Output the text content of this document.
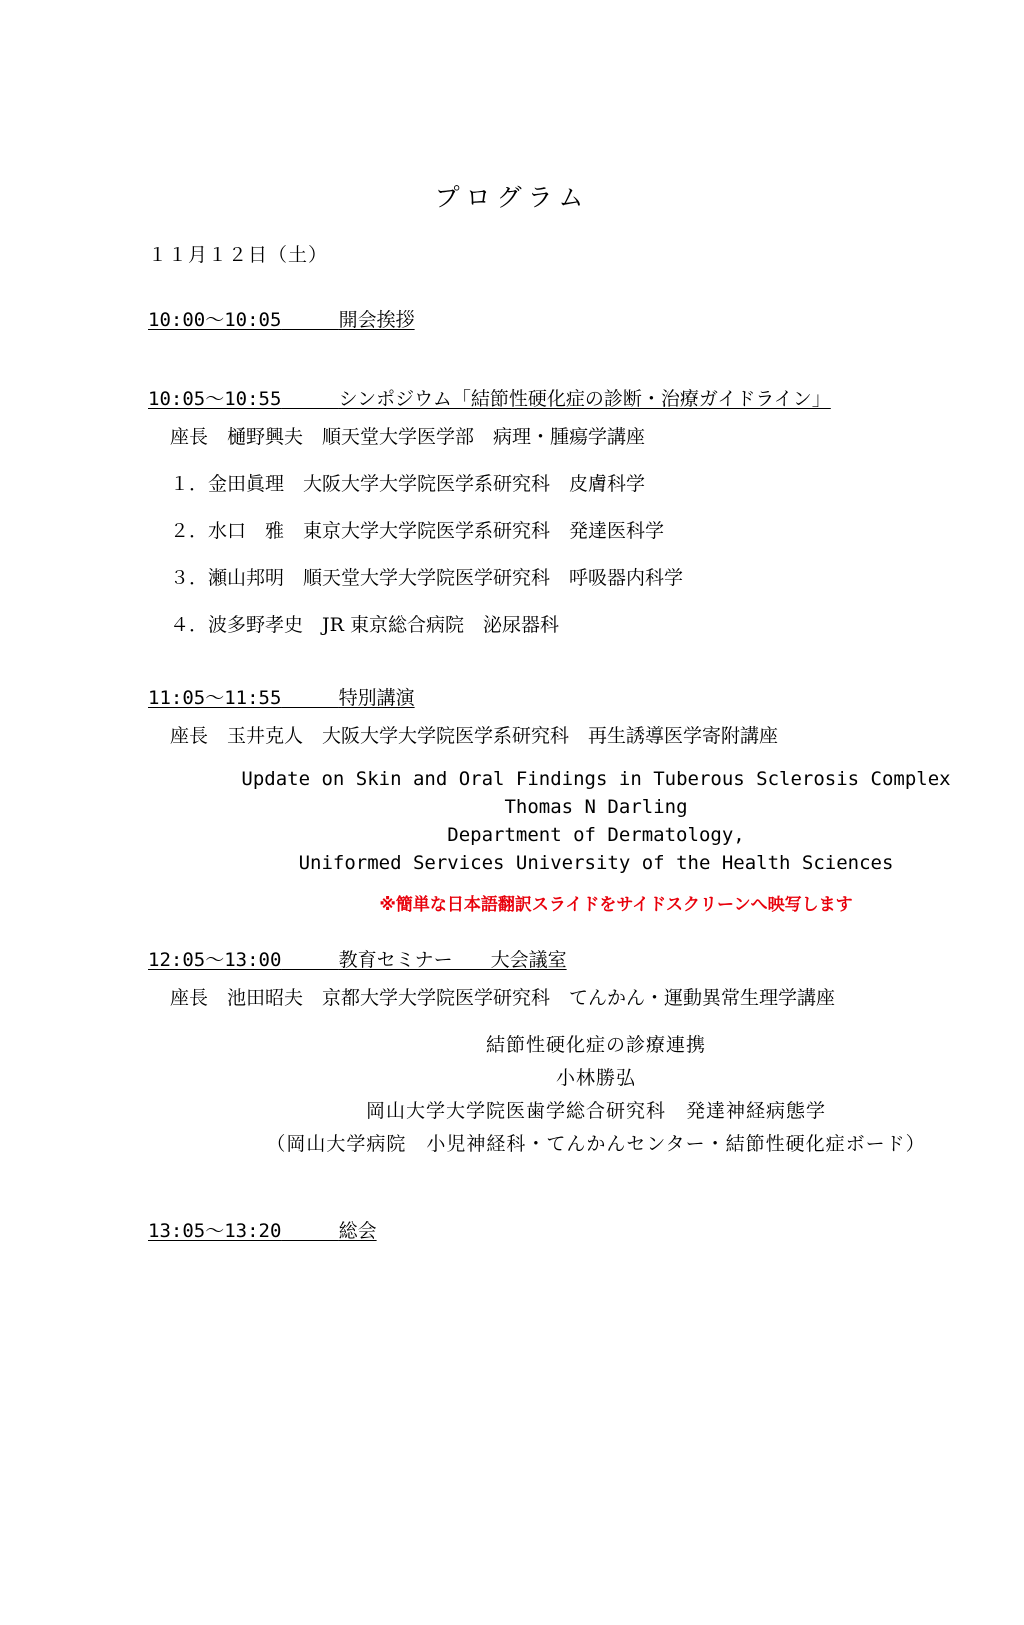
プログラム
１１月１２日（土）
10:00～10:05	開会挨拶
10:05～10:55	シンポジウム「結節性硬化症の診断・治療ガイドライン」
座長　樋野興夫　順天堂大学医学部　病理・腫瘍学講座
１．金田眞理　大阪大学大学院医学系研究科　皮膚科学
２．水口　雅　東京大学大学院医学系研究科　発達医科学
３．瀬山邦明　順天堂大学大学院医学研究科　呼吸器内科学
４．波多野孝史　JR 東京総合病院　泌尿器科
11:05～11:55	特別講演
座長　玉井克人　大阪大学大学院医学系研究科　再生誘導医学寄附講座
Update on Skin and Oral Findings in Tuberous Sclerosis Complex
Thomas N Darling
Department of Dermatology,
Uniformed Services University of the Health Sciences
※簡単な日本語翻訳スライドをサイドスクリーンへ映写します
12:05～13:00	教育セミナー　　大会議室
座長　池田昭夫　京都大学大学院医学研究科　てんかん・運動異常生理学講座
結節性硬化症の診療連携
小林勝弘
岡山大学大学院医歯学総合研究科　発達神経病態学
（岡山大学病院　小児神経科・てんかんセンター・結節性硬化症ボード）
13:05～13:20	総会
